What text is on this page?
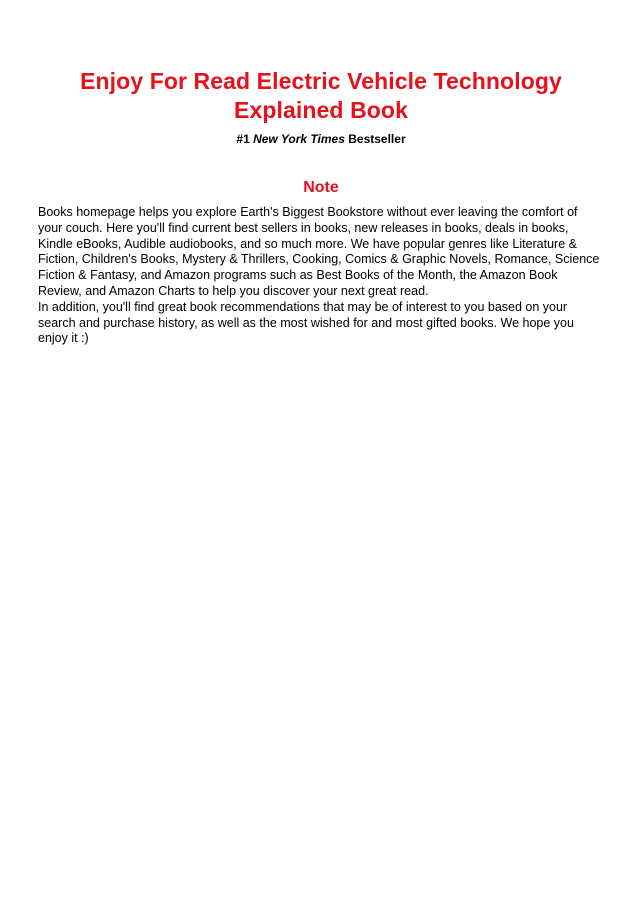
Enjoy For Read Electric Vehicle Technology Explained Book
#1 New York Times Bestseller
Note

Books homepage helps you explore Earth's Biggest Bookstore without ever leaving the comfort of your couch. Here you'll find current best sellers in books, new releases in books, deals in books, Kindle eBooks, Audible audiobooks, and so much more. We have popular genres like Literature & Fiction, Children's Books, Mystery & Thrillers, Cooking, Comics & Graphic Novels, Romance, Science Fiction & Fantasy, and Amazon programs such as Best Books of the Month, the Amazon Book Review, and Amazon Charts to help you discover your next great read.

In addition, you'll find great book recommendations that may be of interest to you based on your search and purchase history, as well as the most wished for and most gifted books. We hope you enjoy it :)
